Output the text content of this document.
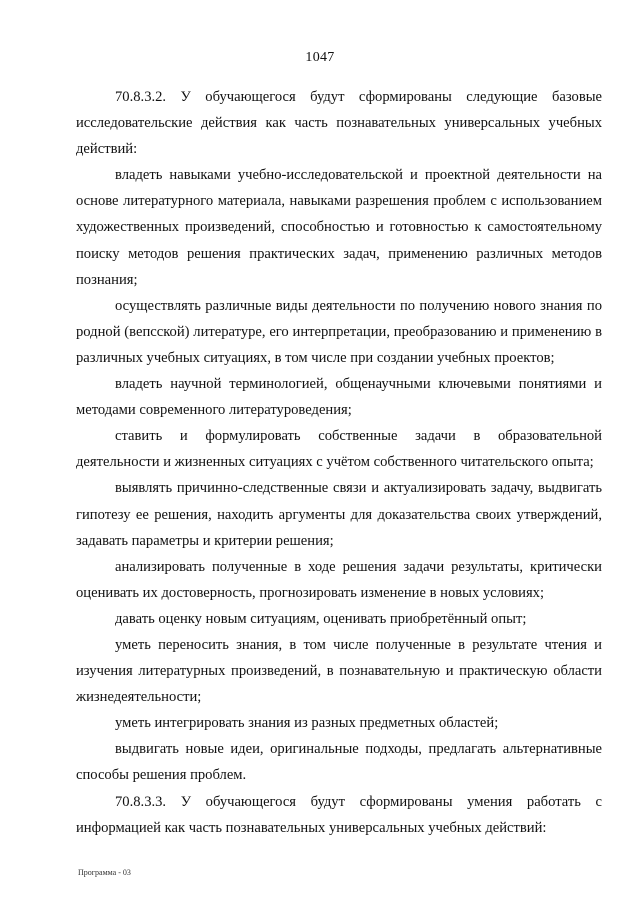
1047

70.8.3.2. У обучающегося будут сформированы следующие базовые исследовательские действия как часть познавательных универсальных учебных действий:

владеть навыками учебно-исследовательской и проектной деятельности на основе литературного материала, навыками разрешения проблем с использованием художественных произведений, способностью и готовностью к самостоятельному поиску методов решения практических задач, применению различных методов познания;

осуществлять различные виды деятельности по получению нового знания по родной (вепсской) литературе, его интерпретации, преобразованию и применению в различных учебных ситуациях, в том числе при создании учебных проектов;

владеть научной терминологией, общенаучными ключевыми понятиями и методами современного литературоведения;

ставить и формулировать собственные задачи в образовательной деятельности и жизненных ситуациях с учётом собственного читательского опыта;

выявлять причинно-следственные связи и актуализировать задачу, выдвигать гипотезу ее решения, находить аргументы для доказательства своих утверждений, задавать параметры и критерии решения;

анализировать полученные в ходе решения задачи результаты, критически оценивать их достоверность, прогнозировать изменение в новых условиях;

давать оценку новым ситуациям, оценивать приобретённый опыт;

уметь переносить знания, в том числе полученные в результате чтения и изучения литературных произведений, в познавательную и практическую области жизнедеятельности;

уметь интегрировать знания из разных предметных областей;

выдвигать новые идеи, оригинальные подходы, предлагать альтернативные способы решения проблем.

70.8.3.3. У обучающегося будут сформированы умения работать с информацией как часть познавательных универсальных учебных действий:

Программа - 03
